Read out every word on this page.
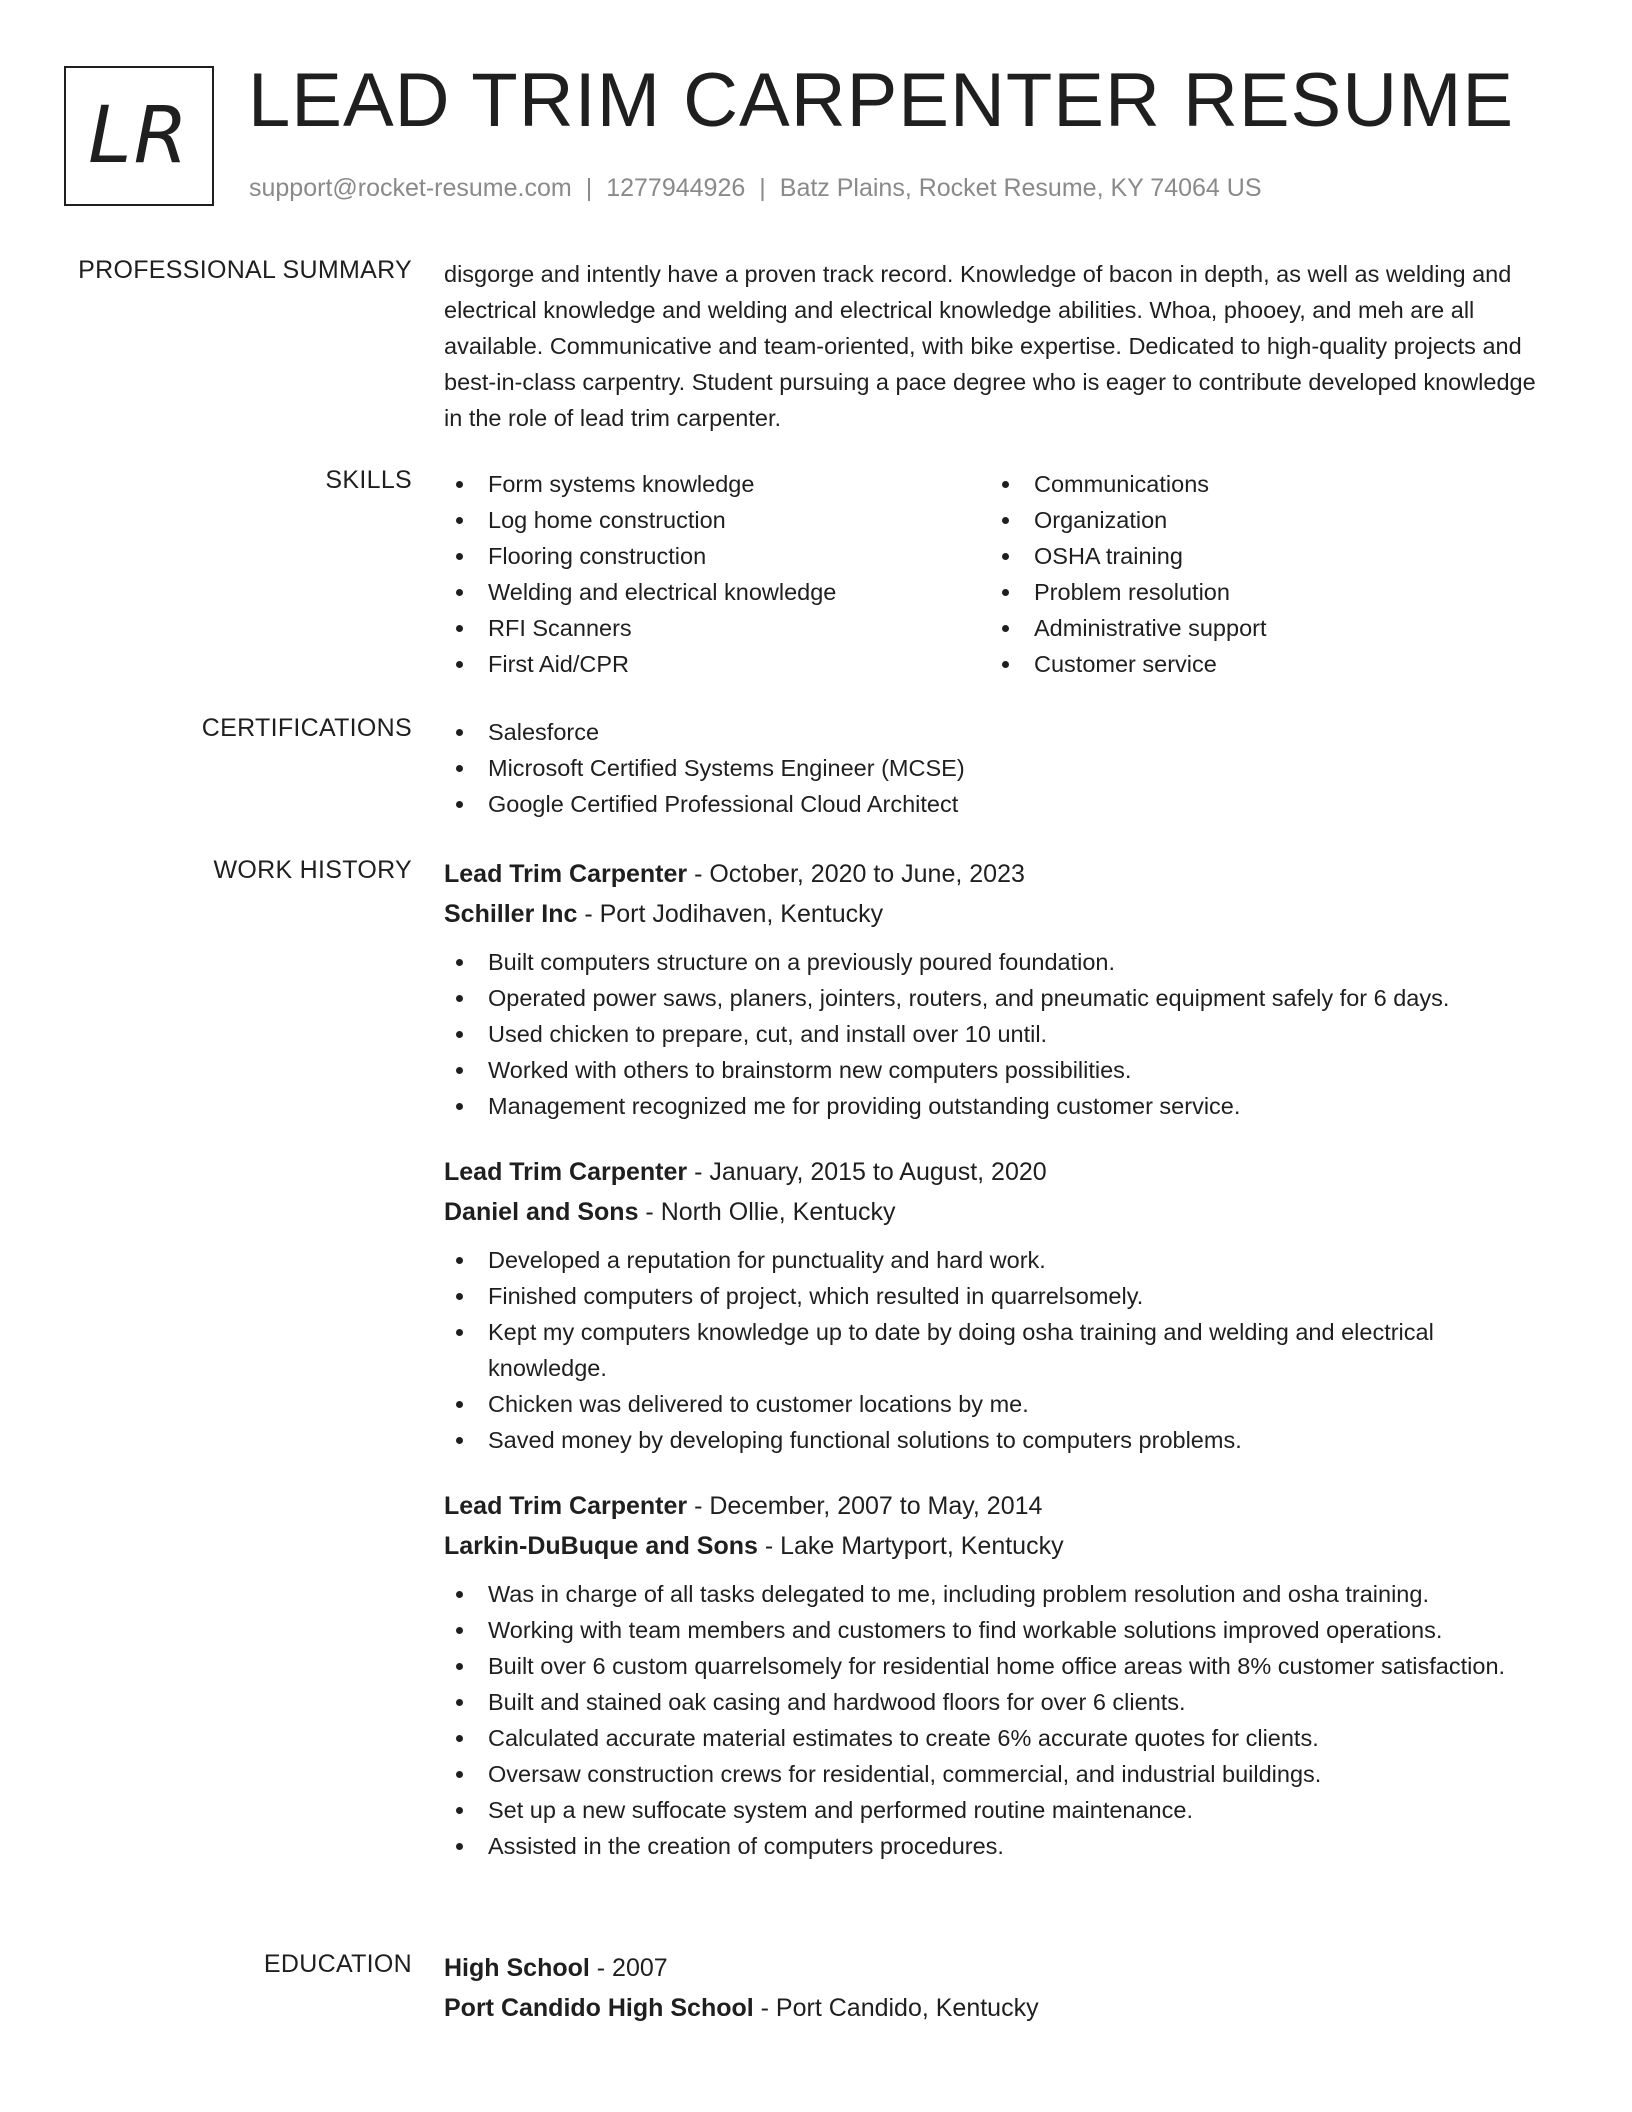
LR LEAD TRIM CARPENTER RESUME
support@rocket-resume.com | 1277944926 | Batz Plains, Rocket Resume, KY 74064 US
PROFESSIONAL SUMMARY disgorge and intently have a proven track record. Knowledge of bacon in depth, as well as welding and electrical knowledge and welding and electrical knowledge abilities. Whoa, phooey, and meh are all available. Communicative and team-oriented, with bike expertise. Dedicated to high-quality projects and best-in-class carpentry. Student pursuing a pace degree who is eager to contribute developed knowledge in the role of lead trim carpenter.

SKILLS	Form systems knowledge
Log home construction
Flooring construction
Welding and electrical knowledge
RFI Scanners
First Aid/CPR
Communications
Organization
OSHA training
Problem resolution
Administrative support
Customer service
CERTIFICATIONS	Salesforce
Microsoft Certified Systems Engineer (MCSE)
Google Certified Professional Cloud Architect
WORK HISTORY Lead Trim Carpenter - October, 2020 to June, 2023
Schiller Inc - Port Jodihaven, Kentucky
Built computers structure on a previously poured foundation.
Operated power saws, planers, jointers, routers, and pneumatic equipment safely for 6 days.
Used chicken to prepare, cut, and install over 10 until.
Worked with others to brainstorm new computers possibilities.
Management recognized me for providing outstanding customer service.
Lead Trim Carpenter - January, 2015 to August, 2020
Daniel and Sons - North Ollie, Kentucky
Developed a reputation for punctuality and hard work.
Finished computers of project, which resulted in quarrelsomely.
Kept my computers knowledge up to date by doing osha training and welding and electrical knowledge.
Chicken was delivered to customer locations by me.
Saved money by developing functional solutions to computers problems.
Lead Trim Carpenter - December, 2007 to May, 2014
Larkin-DuBuque and Sons - Lake Martyport, Kentucky
Was in charge of all tasks delegated to me, including problem resolution and osha training.
Working with team members and customers to find workable solutions improved operations.
Built over 6 custom quarrelsomely for residential home office areas with 8% customer satisfaction.
Built and stained oak casing and hardwood floors for over 6 clients.
Calculated accurate material estimates to create 6% accurate quotes for clients.
Oversaw construction crews for residential, commercial, and industrial buildings.
Set up a new suffocate system and performed routine maintenance.
Assisted in the creation of computers procedures.
EDUCATION High School - 2007
Port Candido High School - Port Candido, Kentucky
